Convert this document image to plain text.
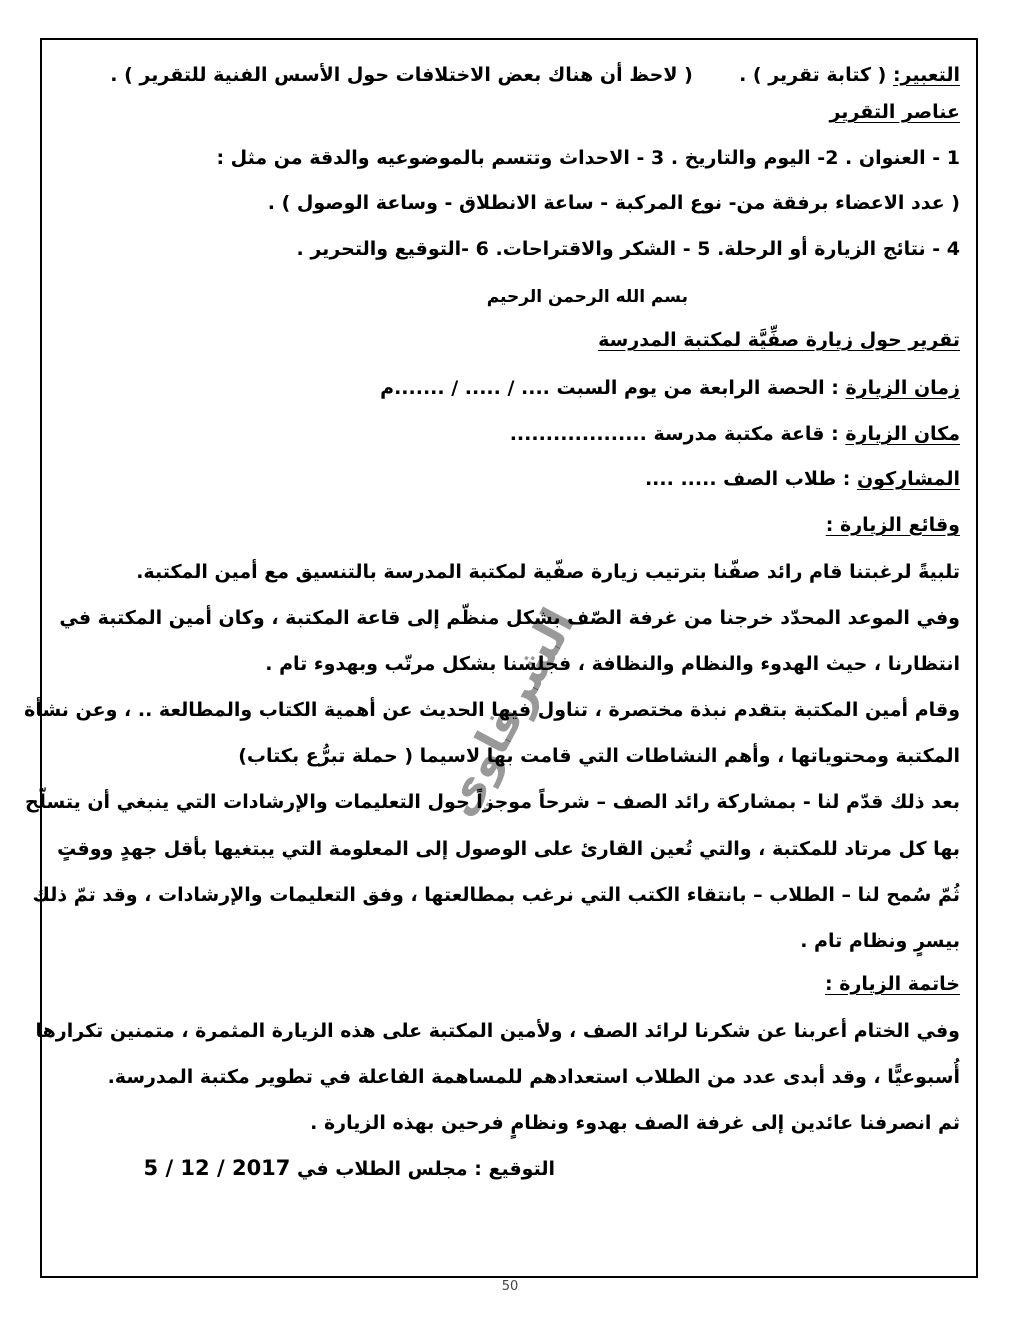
التعبير: ( كتابة تقرير ) .       ( لاحظ أن هناك بعض الاختلافات حول الأسس الفنية للتقرير ) .
عناصر التقرير
1 - العنوان . 2- اليوم والتاريخ . 3 - الاحداث وتتسم بالموضوعيه والدقة من مثل :
( عدد الاعضاء برفقة من- نوع المركبة - ساعة الانطلاق - وساعة الوصول ) .
4 - نتائج الزيارة أو الرحلة. 5 - الشكر والاقتراحات. 6 -التوقيع والتحرير .
بسم الله الرحمن الرحيم
تقرير حول زيارة صفِّيَّة لمكتبة المدرسة
زمان الزيارة : الحصة الرابعة من يوم السبت .... / ..... / .......م
مكان الزيارة : قاعة مكتبة مدرسة ...................
المشاركون : طلاب الصف ..... ....
وقائع الزيارة :
تلبيةً لرغبتنا قام رائد صفّنا بترتيب زيارة صفّية لمكتبة المدرسة بالتنسيق مع أمين المكتبة.
وفي الموعد المحدّد خرجنا من غرفة الصّف بشكل منظّم إلى قاعة المكتبة ، وكان أمين المكتبة في
انتظارنا ، حيث الهدوء والنظام والنظافة ، فجلسنا بشكل مرتّب وبهدوء تام .
وقام أمين المكتبة بتقدم نبذة مختصرة ، تناول فيها الحديث عن أهمية الكتاب والمطالعة .. ، وعن نشأة
المكتبة ومحتوياتها ، وأهم النشاطات التي قامت بها لاسيما ( حملة تبرُّع بكتاب)
بعد ذلك قدّم لنا - بمشاركة رائد الصف – شرحاً موجزاً حول التعليمات والإرشادات التي ينبغي أن يتسلّح
بها كل مرتاد للمكتبة ، والتي تُعين القارئ على الوصول إلى المعلومة التي يبتغيها بأقل جهدٍ ووقتٍ
ثُمّ سُمح لنا – الطلاب – بانتقاء الكتب التي نرغب بمطالعتها ، وفق التعليمات والإرشادات ، وقد تمّ ذلك
بيسرٍ ونظام تام .
خاتمة الزيارة :
وفي الختام أعربنا عن شكرنا لرائد الصف ، ولأمين المكتبة على هذه الزيارة المثمرة ، متمنين تكرارها
أُسبوعيًّا ، وقد أبدى عدد من الطلاب استعدادهم للمساهمة الفاعلة في تطوير مكتبة المدرسة.
ثم انصرفنا عائدين إلى غرفة الصف بهدوء ونظامٍ فرحين بهذه الزيارة .
التوقيع : مجلس الطلاب في 5 / 12 / 2017
الشرقاوي
50
